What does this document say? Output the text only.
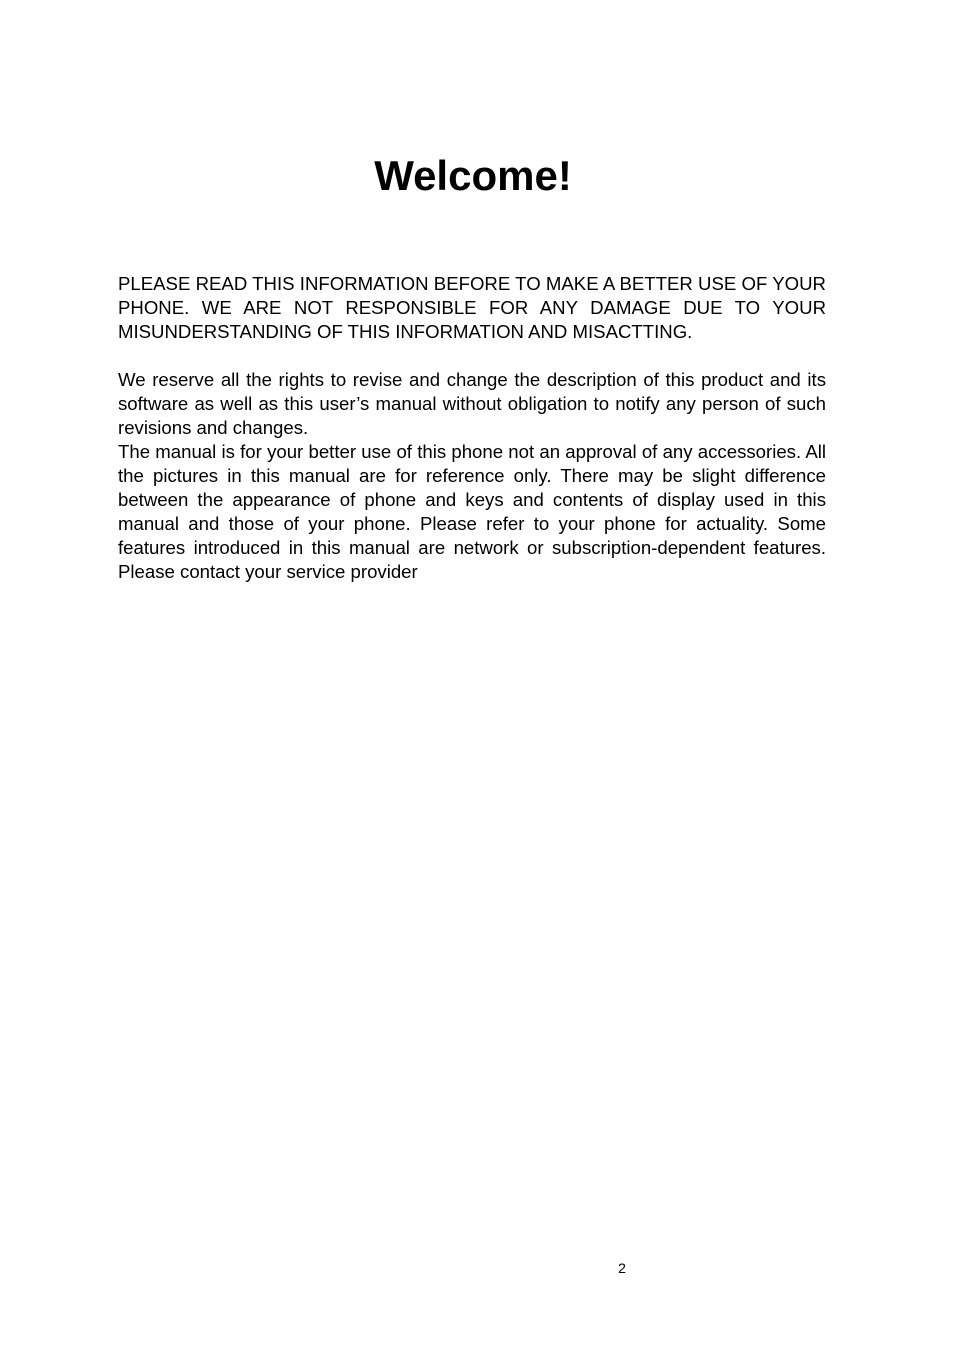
Welcome!

PLEASE READ THIS INFORMATION BEFORE TO MAKE A BETTER USE OF YOUR PHONE. WE ARE NOT RESPONSIBLE FOR ANY DAMAGE DUE TO YOUR MISUNDERSTANDING OF THIS INFORMATION AND MISACTTING.

We reserve all the rights to revise and change the description of this product and its software as well as this user’s manual without obligation to notify any person of such revisions and changes.

The manual is for your better use of this phone not an approval of any accessories. All the pictures in this manual are for reference only. There may be slight difference between the appearance of phone and keys and contents of display used in this manual and those of your phone. Please refer to your phone for actuality. Some features introduced in this manual are network or subscription-dependent features. Please contact your service provider

2
